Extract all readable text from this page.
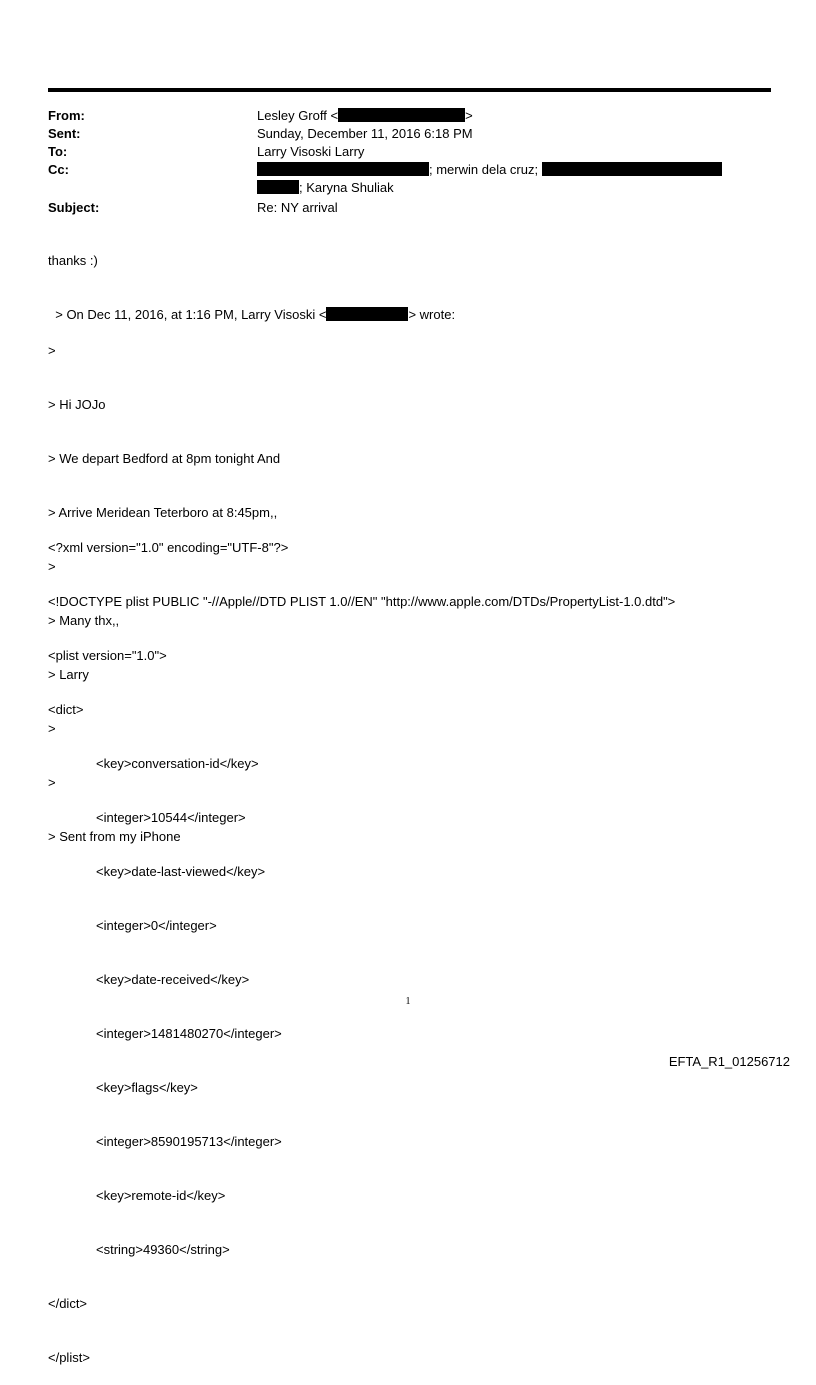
From:	Lesley Groff <	>
Sent:	Sunday, December 11, 2016 6:18 PM
To:	Larry Visoski Larry
Cc:	; merwin dela cruz;
; Karyna Shuliak
Subject:	Re: NY arrival
thanks :)

> On Dec 11, 2016, at 1:16 PM, Larry Visoski <	> wrote:

>

> Hi JOJo

> We depart Bedford at 8pm tonight And

> Arrive Meridean Teterboro at 8:45pm,,

>

> Many thx,,

> Larry

>

>

> Sent from my iPhone

<?xml version="1.0" encoding="UTF-8"?>

<!DOCTYPE plist PUBLIC "-//Apple//DTD PLIST 1.0//EN" "http://www.apple.com/DTDs/PropertyList-1.0.dtd">

<plist version="1.0">

<dict>

<key>conversation-id</key>

<integer>10544</integer>

<key>date-last-viewed</key>

<integer>0</integer>

<key>date-received</key>

<integer>1481480270</integer>

<key>flags</key>

<integer>8590195713</integer>

<key>remote-id</key>

<string>49360</string>

</dict>

</plist>

1
EFTA_R1_01256712
